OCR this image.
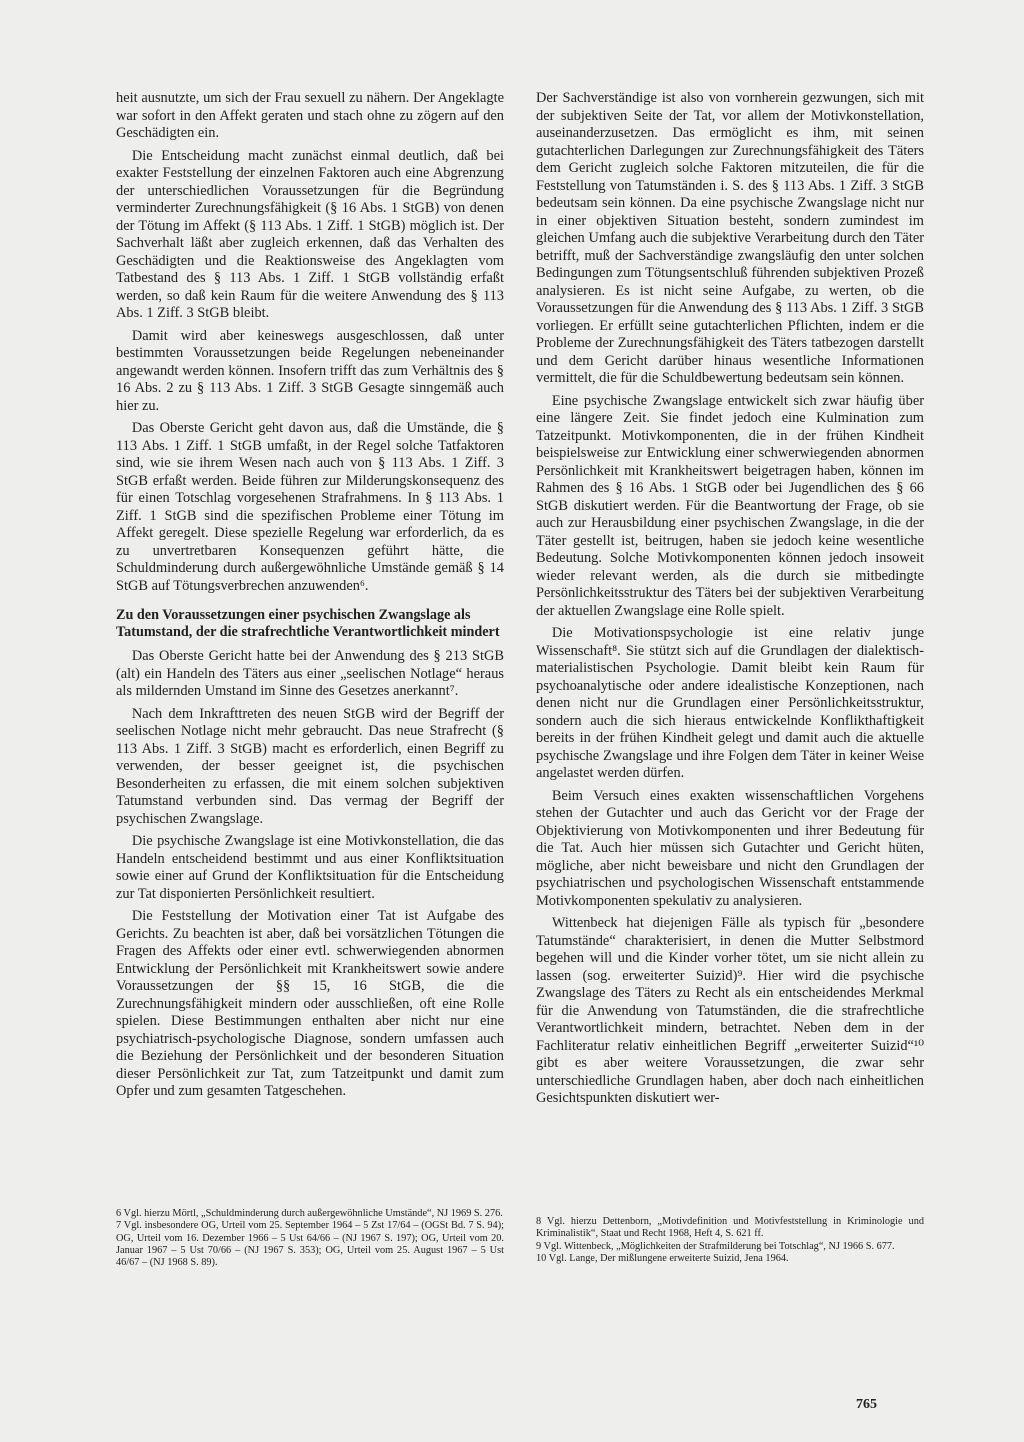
heit ausnutzte, um sich der Frau sexuell zu nähern. Der Angeklagte war sofort in den Affekt geraten und stach ohne zu zögern auf den Geschädigten ein.

Die Entscheidung macht zunächst einmal deutlich, daß bei exakter Feststellung der einzelnen Faktoren auch eine Abgrenzung der unterschiedlichen Voraussetzungen für die Begründung verminderter Zurechnungsfähigkeit (§ 16 Abs. 1 StGB) von denen der Tötung im Affekt (§ 113 Abs. 1 Ziff. 1 StGB) möglich ist. Der Sachverhalt läßt aber zugleich erkennen, daß das Verhalten des Geschädigten und die Reaktionsweise des Angeklagten vom Tatbestand des § 113 Abs. 1 Ziff. 1 StGB vollständig erfaßt werden, so daß kein Raum für die weitere Anwendung des § 113 Abs. 1 Ziff. 3 StGB bleibt.

Damit wird aber keineswegs ausgeschlossen, daß unter bestimmten Voraussetzungen beide Regelungen nebeneinander angewandt werden können. Insofern trifft das zum Verhältnis des § 16 Abs. 2 zu § 113 Abs. 1 Ziff. 3 StGB Gesagte sinngemäß auch hier zu.

Das Oberste Gericht geht davon aus, daß die Umstände, die § 113 Abs. 1 Ziff. 1 StGB umfaßt, in der Regel solche Tatfaktoren sind, wie sie ihrem Wesen nach auch von § 113 Abs. 1 Ziff. 3 StGB erfaßt werden. Beide führen zur Milderungskonsequenz des für einen Totschlag vorgesehenen Strafrahmens. In § 113 Abs. 1 Ziff. 1 StGB sind die spezifischen Probleme einer Tötung im Affekt geregelt. Diese spezielle Regelung war erforderlich, da es zu unvertretbaren Konsequenzen geführt hätte, die Schuldminderung durch außergewöhnliche Umstände gemäß § 14 StGB auf Tötungsverbrechen anzuwenden⁶.

Zu den Voraussetzungen einer psychischen Zwangslage als Tatumstand, der die strafrechtliche Verantwortlichkeit mindert

Das Oberste Gericht hatte bei der Anwendung des § 213 StGB (alt) ein Handeln des Täters aus einer „seelischen Notlage“ heraus als mildernden Umstand im Sinne des Gesetzes anerkannt⁷.

Nach dem Inkrafttreten des neuen StGB wird der Begriff der seelischen Notlage nicht mehr gebraucht. Das neue Strafrecht (§ 113 Abs. 1 Ziff. 3 StGB) macht es erforderlich, einen Begriff zu verwenden, der besser geeignet ist, die psychischen Besonderheiten zu erfassen, die mit einem solchen subjektiven Tatumstand verbunden sind. Das vermag der Begriff der psychischen Zwangslage.

Die psychische Zwangslage ist eine Motivkonstellation, die das Handeln entscheidend bestimmt und aus einer Konfliktsituation sowie einer auf Grund der Konfliktsituation für die Entscheidung zur Tat disponierten Persönlichkeit resultiert.

Die Feststellung der Motivation einer Tat ist Aufgabe des Gerichts. Zu beachten ist aber, daß bei vorsätzlichen Tötungen die Fragen des Affekts oder einer evtl. schwerwiegenden abnormen Entwicklung der Persönlichkeit mit Krankheitswert sowie andere Voraussetzungen der §§ 15, 16 StGB, die die Zurechnungsfähigkeit mindern oder ausschließen, oft eine Rolle spielen. Diese Bestimmungen enthalten aber nicht nur eine psychiatrisch-psychologische Diagnose, sondern umfassen auch die Beziehung der Persönlichkeit und der besonderen Situation dieser Persönlichkeit zur Tat, zum Tatzeitpunkt und damit zum Opfer und zum gesamten Tatgeschehen.

Der Sachverständige ist also von vornherein gezwungen, sich mit der subjektiven Seite der Tat, vor allem der Motivkonstellation, auseinanderzusetzen. Das ermöglicht es ihm, mit seinen gutachterlichen Darlegungen zur Zurechnungsfähigkeit des Täters dem Gericht zugleich solche Faktoren mitzuteilen, die für die Feststellung von Tatumständen i. S. des § 113 Abs. 1 Ziff. 3 StGB bedeutsam sein können. Da eine psychische Zwangslage nicht nur in einer objektiven Situation besteht, sondern zumindest im gleichen Umfang auch die subjektive Verarbeitung durch den Täter betrifft, muß der Sachverständige zwangsläufig den unter solchen Bedingungen zum Tötungsentschluß führenden subjektiven Prozeß analysieren. Es ist nicht seine Aufgabe, zu werten, ob die Voraussetzungen für die Anwendung des § 113 Abs. 1 Ziff. 3 StGB vorliegen. Er erfüllt seine gutachterlichen Pflichten, indem er die Probleme der Zurechnungsfähigkeit des Täters tatbezogen darstellt und dem Gericht darüber hinaus wesentliche Informationen vermittelt, die für die Schuldbewertung bedeutsam sein können.

Eine psychische Zwangslage entwickelt sich zwar häufig über eine längere Zeit. Sie findet jedoch eine Kulmination zum Tatzeitpunkt. Motivkomponenten, die in der frühen Kindheit beispielsweise zur Entwicklung einer schwerwiegenden abnormen Persönlichkeit mit Krankheitswert beigetragen haben, können im Rahmen des § 16 Abs. 1 StGB oder bei Jugendlichen des § 66 StGB diskutiert werden. Für die Beantwortung der Frage, ob sie auch zur Herausbildung einer psychischen Zwangslage, in die der Täter gestellt ist, beitrugen, haben sie jedoch keine wesentliche Bedeutung. Solche Motivkomponenten können jedoch insoweit wieder relevant werden, als die durch sie mitbedingte Persönlichkeitsstruktur des Täters bei der subjektiven Verarbeitung der aktuellen Zwangslage eine Rolle spielt.

Die Motivationspsychologie ist eine relativ junge Wissenschaft⁸. Sie stützt sich auf die Grundlagen der dialektisch-materialistischen Psychologie. Damit bleibt kein Raum für psychoanalytische oder andere idealistische Konzeptionen, nach denen nicht nur die Grundlagen einer Persönlichkeitsstruktur, sondern auch die sich hieraus entwickelnde Konflikthaftigkeit bereits in der frühen Kindheit gelegt und damit auch die aktuelle psychische Zwangslage und ihre Folgen dem Täter in keiner Weise angelastet werden dürfen.

Beim Versuch eines exakten wissenschaftlichen Vorgehens stehen der Gutachter und auch das Gericht vor der Frage der Objektivierung von Motivkomponenten und ihrer Bedeutung für die Tat. Auch hier müssen sich Gutachter und Gericht hüten, mögliche, aber nicht beweisbare und nicht den Grundlagen der psychiatrischen und psychologischen Wissenschaft entstammende Motivkomponenten spekulativ zu analysieren.

Wittenbeck hat diejenigen Fälle als typisch für „besondere Tatumstände“ charakterisiert, in denen die Mutter Selbstmord begehen will und die Kinder vorher tötet, um sie nicht allein zu lassen (sog. erweiterter Suizid)⁹. Hier wird die psychische Zwangslage des Täters zu Recht als ein entscheidendes Merkmal für die Anwendung von Tatumständen, die die strafrechtliche Verantwortlichkeit mindern, betrachtet. Neben dem in der Fachliteratur relativ einheitlichen Begriff „erweiterter Suizid“¹⁰ gibt es aber weitere Voraussetzungen, die zwar sehr unterschiedliche Grundlagen haben, aber doch nach einheitlichen Gesichtspunkten diskutiert wer-

6 Vgl. hierzu Mörtl, „Schuldminderung durch außergewöhnliche Umstände“, NJ 1969 S. 276.
7 Vgl. insbesondere OG, Urteil vom 25. September 1964 – 5 Zst 17/64 – (OGSt Bd. 7 S. 94); OG, Urteil vom 16. Dezember 1966 – 5 Ust 64/66 – (NJ 1967 S. 197); OG, Urteil vom 20. Januar 1967 – 5 Ust 70/66 – (NJ 1967 S. 353); OG, Urteil vom 25. August 1967 – 5 Ust 46/67 – (NJ 1968 S. 89).
8 Vgl. hierzu Dettenborn, „Motivdefinition und Motivfeststellung in Kriminologie und Kriminalistik“, Staat und Recht 1968, Heft 4, S. 621 ff.
9 Vgl. Wittenbeck, „Möglichkeiten der Strafmilderung bei Totschlag“, NJ 1966 S. 677.
10 Vgl. Lange, Der mißlungene erweiterte Suizid, Jena 1964.
765
